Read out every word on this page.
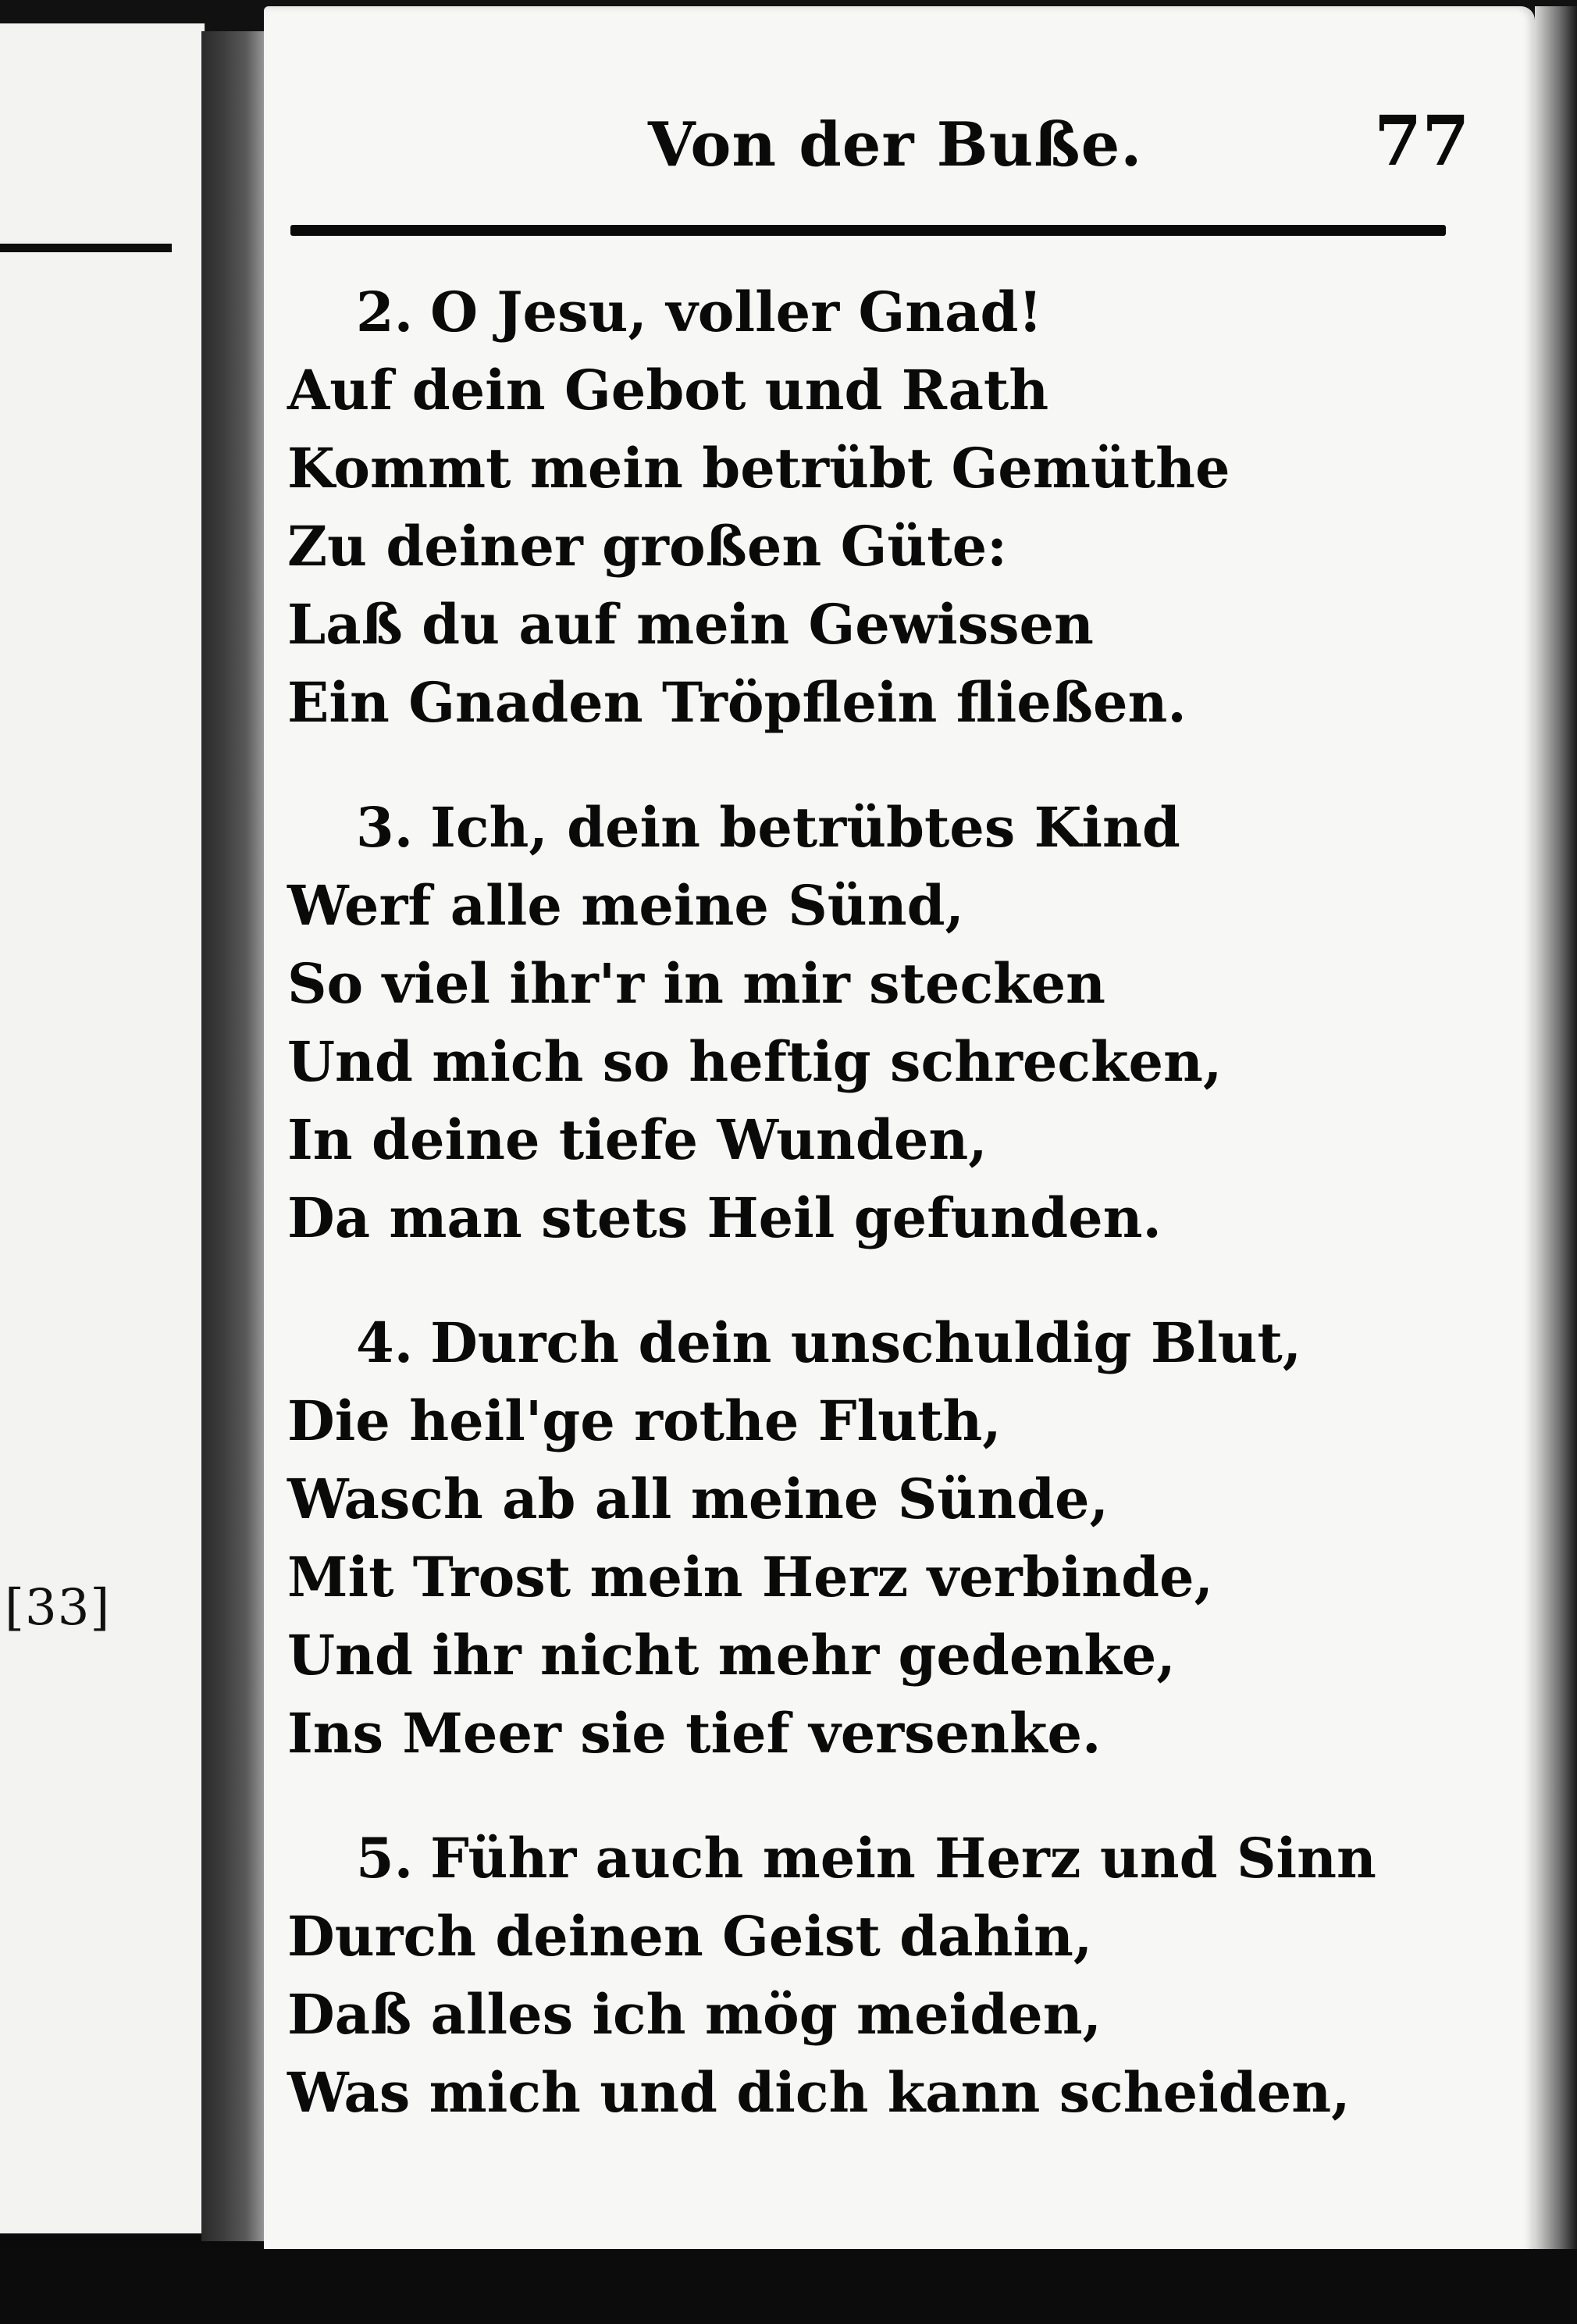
[33]
Von der Buße.	77
2. O Jesu, voller Gnad!
Auf dein Gebot und Rath
Kommt mein betrübt Gemüthe
Zu deiner großen Güte:
Laß du auf mein Gewissen
Ein Gnaden Tröpflein fließen.
3. Ich, dein betrübtes Kind
Werf alle meine Sünd,
So viel ihr'r in mir stecken
Und mich so heftig schrecken,
In deine tiefe Wunden,
Da man stets Heil gefunden.
4. Durch dein unschuldig Blut,
Die heil'ge rothe Fluth,
Wasch ab all meine Sünde,
Mit Trost mein Herz verbinde,
Und ihr nicht mehr gedenke,
Ins Meer sie tief versenke.
5. Führ auch mein Herz und Sinn
Durch deinen Geist dahin,
Daß alles ich mög meiden,
Was mich und dich kann scheiden,
